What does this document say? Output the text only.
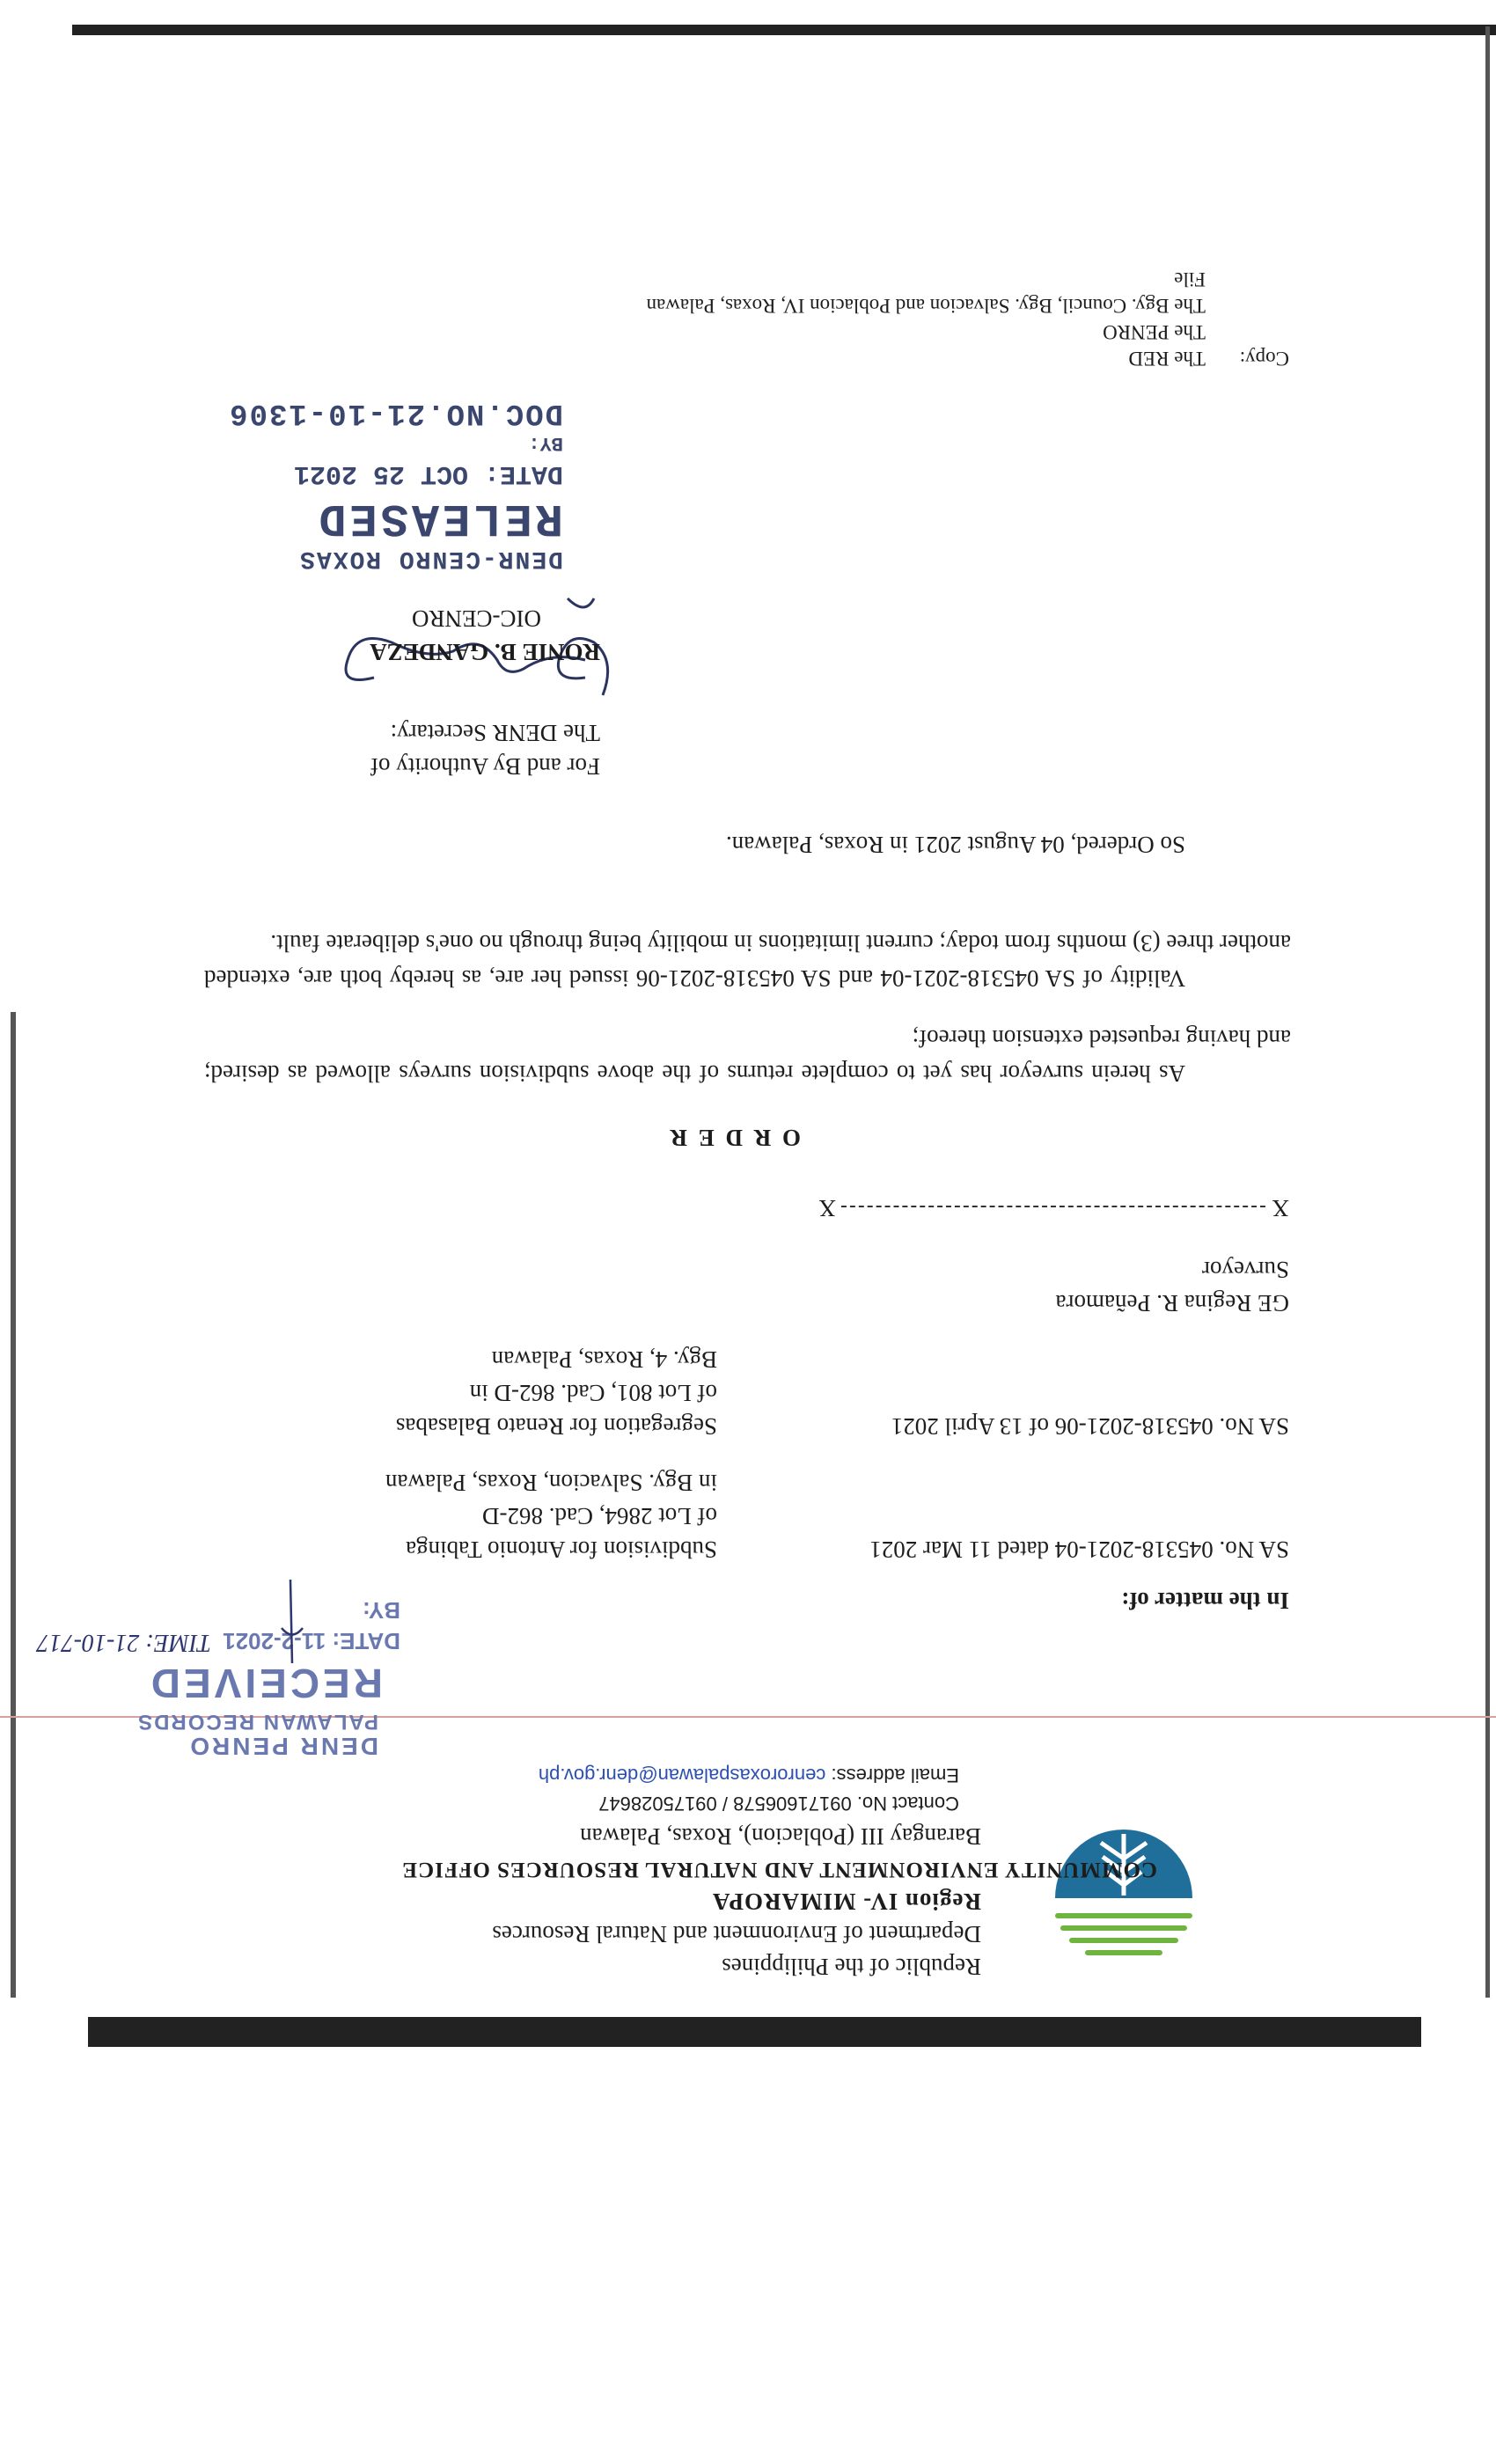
Republic of the Philippines
Department of Environment and Natural Resources
Region IV- MIMAROPA
COMMUNITY ENVIRONMENT AND NATURAL RESOURCES OFFICE
Barangay III (Poblacion), Roxas, Palawan
Contact No. 09171606578 / 09175028647
Email address: cenroroxaspalawan@denr.gov.ph
DENR PENRO
PALAWAN RECORDS
RECEIVED
DATE: 11-2-2021
TIME: 21-10-717
BY:	In the matter of:
SA No. 045318-2021-04 dated 11 Mar 2021
Subdivision for Antonio Tabinga
of Lot 2864, Cad. 862-D
in Bgy. Salvacion, Roxas, Palawan
SA No. 045318-2021-06 of 13 April 2021
Segregation for Renato Balasabas
of Lot 801, Cad. 862-D in
Bgy. 4, Roxas, Palawan
GE Regina R. Peñamora
Surveyor
X
X
O R D E R
As herein surveyor has yet to complete returns of the above subdivision surveys allowed as desired; and having requested extension thereof;
Validity of SA 045318-2021-04 and SA 045318-2021-06 issued her are, as hereby both are, extended another three (3) months from today; current limitations in mobility being through no one's deliberate fault.
So Ordered, 04 August 2021 in Roxas, Palawan.
For and By Authority of
The DENR Secretary:
RONIE B. GANDEZA
OIC-CENRO
DENR-CENRO ROXAS
RELEASED
DATE: OCT 25 2021
BY:
DOC.NO.21-10-1306
Copy:
The RED
The PENRO
The Bgy. Council, Bgy. Salvacion and Poblacion IV, Roxas, Palawan
File
